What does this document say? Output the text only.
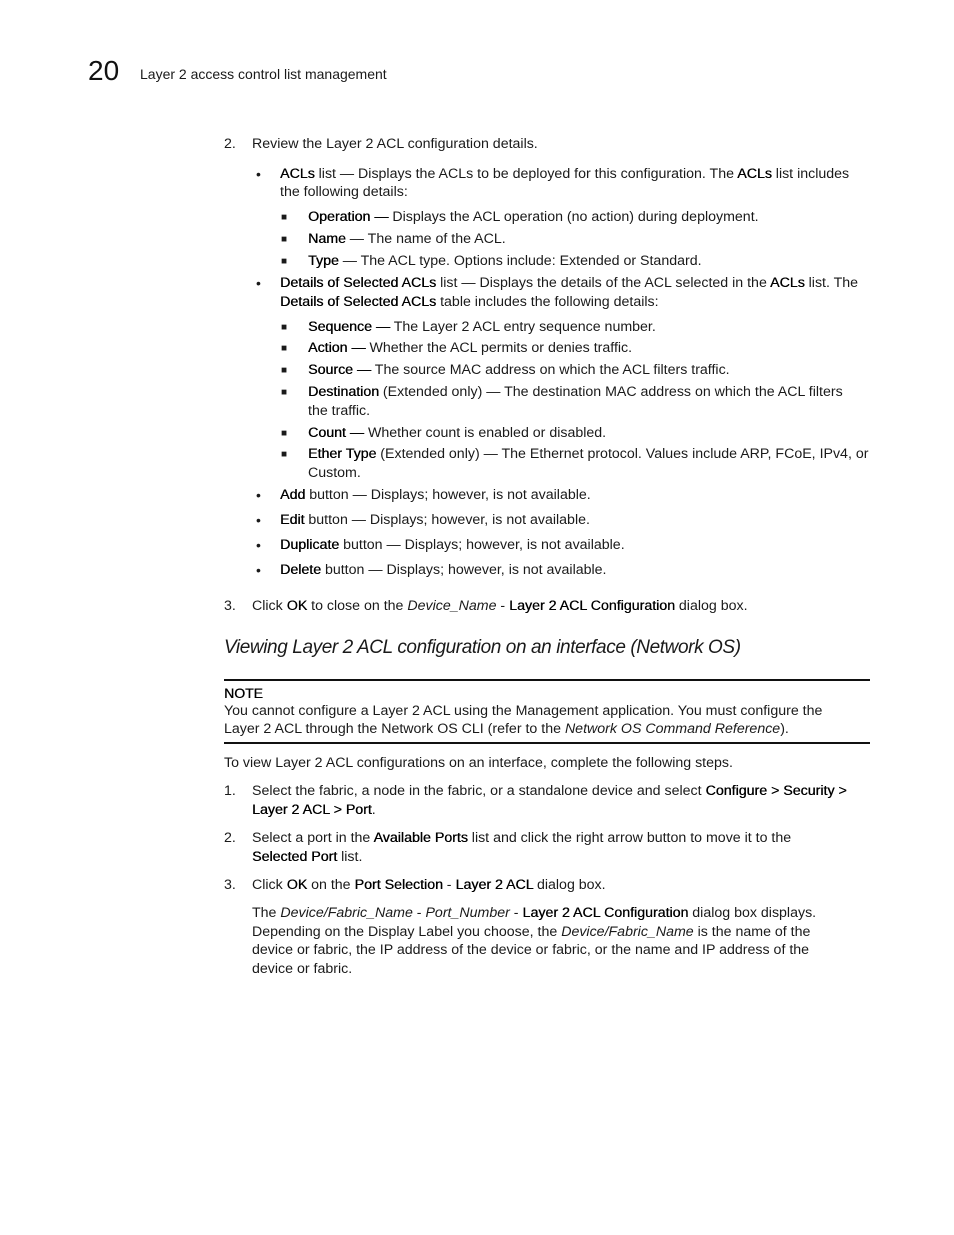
20 Layer 2 access control list management
2. Review the Layer 2 ACL configuration details.
• ACLs list — Displays the ACLs to be deployed for this configuration. The ACLs list includes
the following details:
■ Operation — Displays the ACL operation (no action) during deployment.
■ Name — The name of the ACL.
■ Type — The ACL type. Options include: Extended or Standard.
• Details of Selected ACLs list — Displays the details of the ACL selected in the ACLs list. The
Details of Selected ACLs table includes the following details:
■ Sequence — The Layer 2 ACL entry sequence number.
■ Action — Whether the ACL permits or denies traffic.
■ Source — The source MAC address on which the ACL filters traffic.
■ Destination (Extended only) — The destination MAC address on which the ACL filters
the traffic.
■ Count — Whether count is enabled or disabled.
■ Ether Type (Extended only) — The Ethernet protocol. Values include ARP, FCoE, IPv4, or
Custom.
• Add button — Displays; however, is not available.
• Edit button — Displays; however, is not available.
• Duplicate button — Displays; however, is not available.
• Delete button — Displays; however, is not available.
3. Click OK to close on the Device_Name - Layer 2 ACL Configuration dialog box.
Viewing Layer 2 ACL configuration on an interface (Network OS)
NOTE
You cannot configure a Layer 2 ACL using the Management application. You must configure the
Layer 2 ACL through the Network OS CLI (refer to the Network OS Command Reference).
To view Layer 2 ACL configurations on an interface, complete the following steps.
1. Select the fabric, a node in the fabric, or a standalone device and select Configure > Security >
Layer 2 ACL > Port.
2. Select a port in the Available Ports list and click the right arrow button to move it to the
Selected Port list.
3. Click OK on the Port Selection - Layer 2 ACL dialog box.
The Device/Fabric_Name - Port_Number - Layer 2 ACL Configuration dialog box displays.
Depending on the Display Label you choose, the Device/Fabric_Name is the name of the
device or fabric, the IP address of the device or fabric, or the name and IP address of the
device or fabric.
